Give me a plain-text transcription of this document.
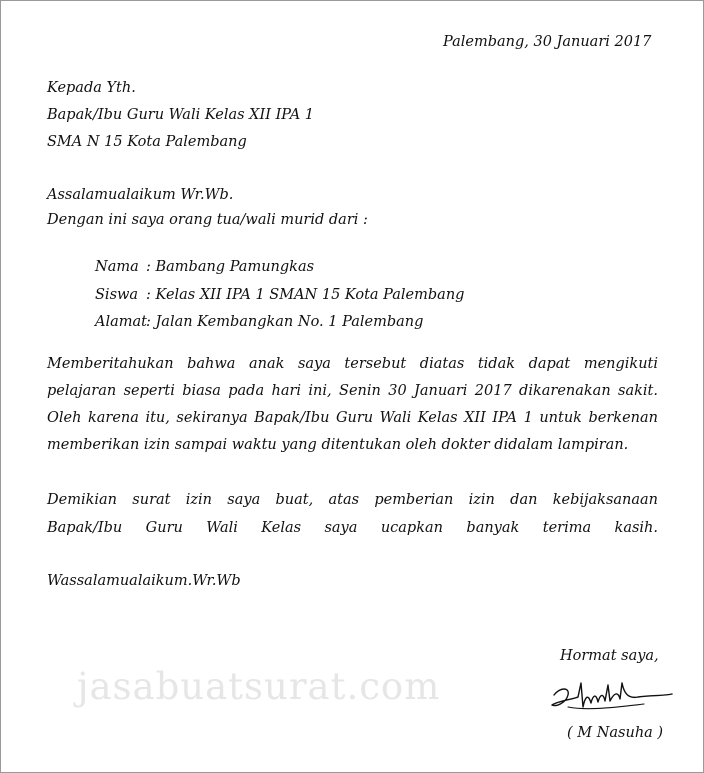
Palembang, 30 Januari 2017
Kepada Yth.
Bapak/Ibu Guru Wali Kelas XII IPA 1
SMA N 15 Kota Palembang
Assalamualaikum Wr.Wb.
Dengan ini saya orang tua/wali murid dari :
Nama : Bambang Pamungkas
Siswa : Kelas XII IPA 1 SMAN 15 Kota Palembang
Alamat: Jalan Kembangkan No. 1 Palembang
Memberitahukan bahwa anak saya tersebut diatas tidak dapat mengikuti
pelajaran seperti biasa pada hari ini, Senin 30 Januari 2017 dikarenakan sakit.
Oleh karena itu, sekiranya Bapak/Ibu Guru Wali Kelas XII IPA 1 untuk berkenan
memberikan izin sampai waktu yang ditentukan oleh dokter didalam lampiran.
Demikian surat izin saya buat, atas pemberian izin dan kebijaksanaan
Bapak/Ibu Guru Wali Kelas saya ucapkan banyak terima kasih.
Wassalamualaikum.Wr.Wb
jasabuatsurat.com
Hormat saya,
( M Nasuha )
